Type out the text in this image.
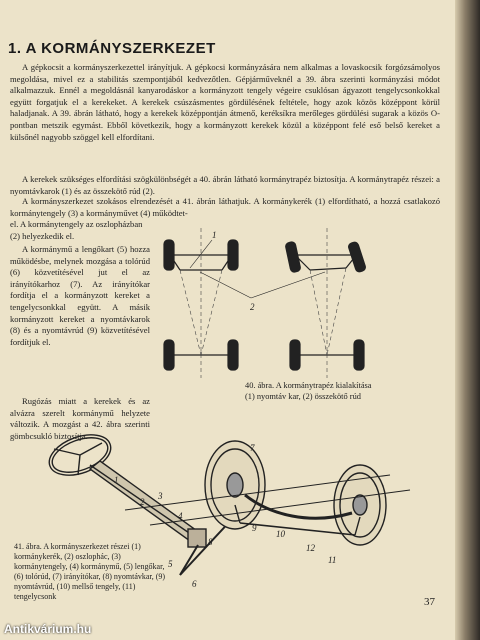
1. A KORMÁNYSZERKEZET

A gépkocsit a kormányszerkezettel irányítjuk. A gépkocsi kormányzására nem alkalmas a lovaskocsik forgózsámolyos megoldása, mivel ez a stabilitás szempontjából kedvezőtlen. Gépjárműveknél a 39. ábra szerinti kormányzási módot alkalmazzuk. Ennél a megoldásnál kanyarodáskor a kormányzott tengely végeire csuklósan ágyazott tengelycsonkokkal együtt forgatjuk el a kerekeket. A kerekek csúszásmentes gördülésének feltétele, hogy azok közös középpont körül haladjanak. A 39. ábrán látható, hogy a kerekek középpontján átmenő, keréksíkra merőleges gördülési sugarak a közös O-pontban metszik egymást. Ebből következik, hogy a kormányzott kerekek közül a középpont felé eső belső kereket a külsőnél nagyobb szöggel kell elfordítani.

A kerekek szükséges elfordítási szögkülönbségét a 40. ábrán látható kormánytrapéz biztosítja. A kormánytrapéz részei: a nyomtávkarok (1) és az összekötő rúd (2).

A kormányszerkezet szokásos elrendezését a 41. ábrán láthatjuk. A kormánykerék (1) elfordítható, a hozzá csatlakozó kormánytengely (3) a kormányművet (4) működtet-

el. A kormánytengely az oszlopházban (2) helyezkedik el.

A kormánymű a lengőkart (5) hozza működésbe, melynek mozgása a tolórúd (6) közvetítésével jut el az irányítókarhoz (7). Az irányítókar fordítja el a kormányzott kereket a tengelycsonkkal együtt. A másik kormányzott kereket a nyomtávkarok (8) és a nyomtávrúd (9) közvetítésével fordítjuk el.

Rugózás miatt a kerekek és az alvázra szerelt kormánymű helyzete változik. A mozgást a 42. ábra szerinti gömbcsukló biztosítja.

1
2
40. ábra. A kormánytrapéz kialakítása
(1) nyomtáv kar, (2) összekötő rúd
1
2
3
4
5
6
7
8
9
10
11
12
41. ábra. A kormányszerkezet részei (1) kormánykerék, (2) oszlophác, (3) kormánytengely, (4) kormánymű, (5) lengőkar, (6) tolórúd, (7) irányítókar, (8) nyomtávkar, (9) nyomtávrúd, (10) mellső tengely, (11) tengelycsonk	37
Antikvárium.hu
